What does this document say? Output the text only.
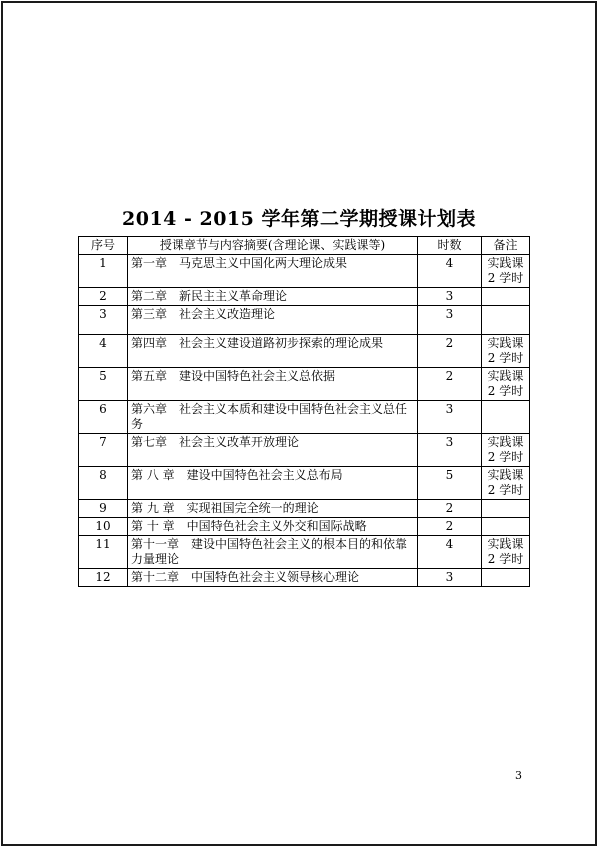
2014 - 2015 学年第二学期授课计划表
序号	授课章节与内容摘要(含理论课、实践课等)	时数	备注
1	第一章　马克思主义中国化两大理论成果	4	实践课
2 学时

2	第二章　新民主主义革命理论	3	

3	第三章　社会主义改造理论	3	

4	第四章　社会主义建设道路初步探索的理论成果	2	实践课
2 学时

5	第五章　建设中国特色社会主义总依据	2	实践课
2 学时

6	第六章　社会主义本质和建设中国特色社会主义总任务	3	

7	第七章　社会主义改革开放理论	3	实践课
2 学时

8	第 八 章　建设中国特色社会主义总布局	5	实践课
2 学时

9	第 九 章　实现祖国完全统一的理论	2	

10	第 十 章　中国特色社会主义外交和国际战略	2	

11	第十一章　建设中国特色社会主义的根本目的和依靠力量理论	4	实践课
2 学时

12	第十二章　中国特色社会主义领导核心理论	3	
3
